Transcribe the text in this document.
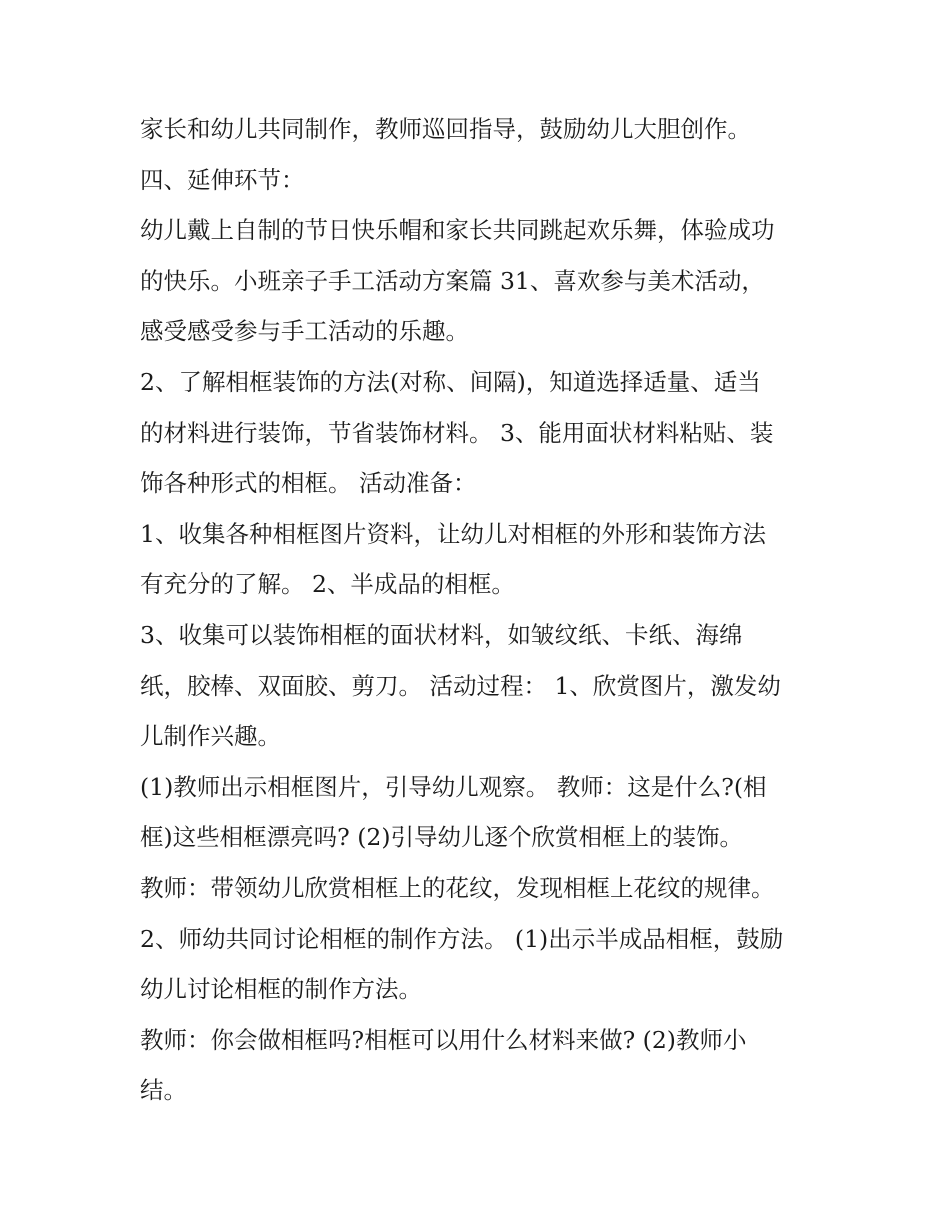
家长和幼儿共同制作，教师巡回指导，鼓励幼儿大胆创作。

四、延伸环节：

幼儿戴上自制的节日快乐帽和家长共同跳起欢乐舞，体验成功

的快乐。小班亲子手工活动方案篇 31、喜欢参与美术活动，

感受感受参与手工活动的乐趣。

2、了解相框装饰的方法(对称、间隔)，知道选择适量、适当

的材料进行装饰，节省装饰材料。 3、能用面状材料粘贴、装

饰各种形式的相框。 活动准备：

1、收集各种相框图片资料，让幼儿对相框的外形和装饰方法

有充分的了解。 2、半成品的相框。

3、收集可以装饰相框的面状材料，如皱纹纸、卡纸、海绵

纸，胶棒、双面胶、剪刀。 活动过程： 1、欣赏图片，激发幼

儿制作兴趣。

(1)教师出示相框图片，引导幼儿观察。 教师：这是什么?(相

框)这些相框漂亮吗? (2)引导幼儿逐个欣赏相框上的装饰。

教师：带领幼儿欣赏相框上的花纹，发现相框上花纹的规律。

2、师幼共同讨论相框的制作方法。 (1)出示半成品相框，鼓励

幼儿讨论相框的制作方法。

教师：你会做相框吗?相框可以用什么材料来做? (2)教师小

结。
